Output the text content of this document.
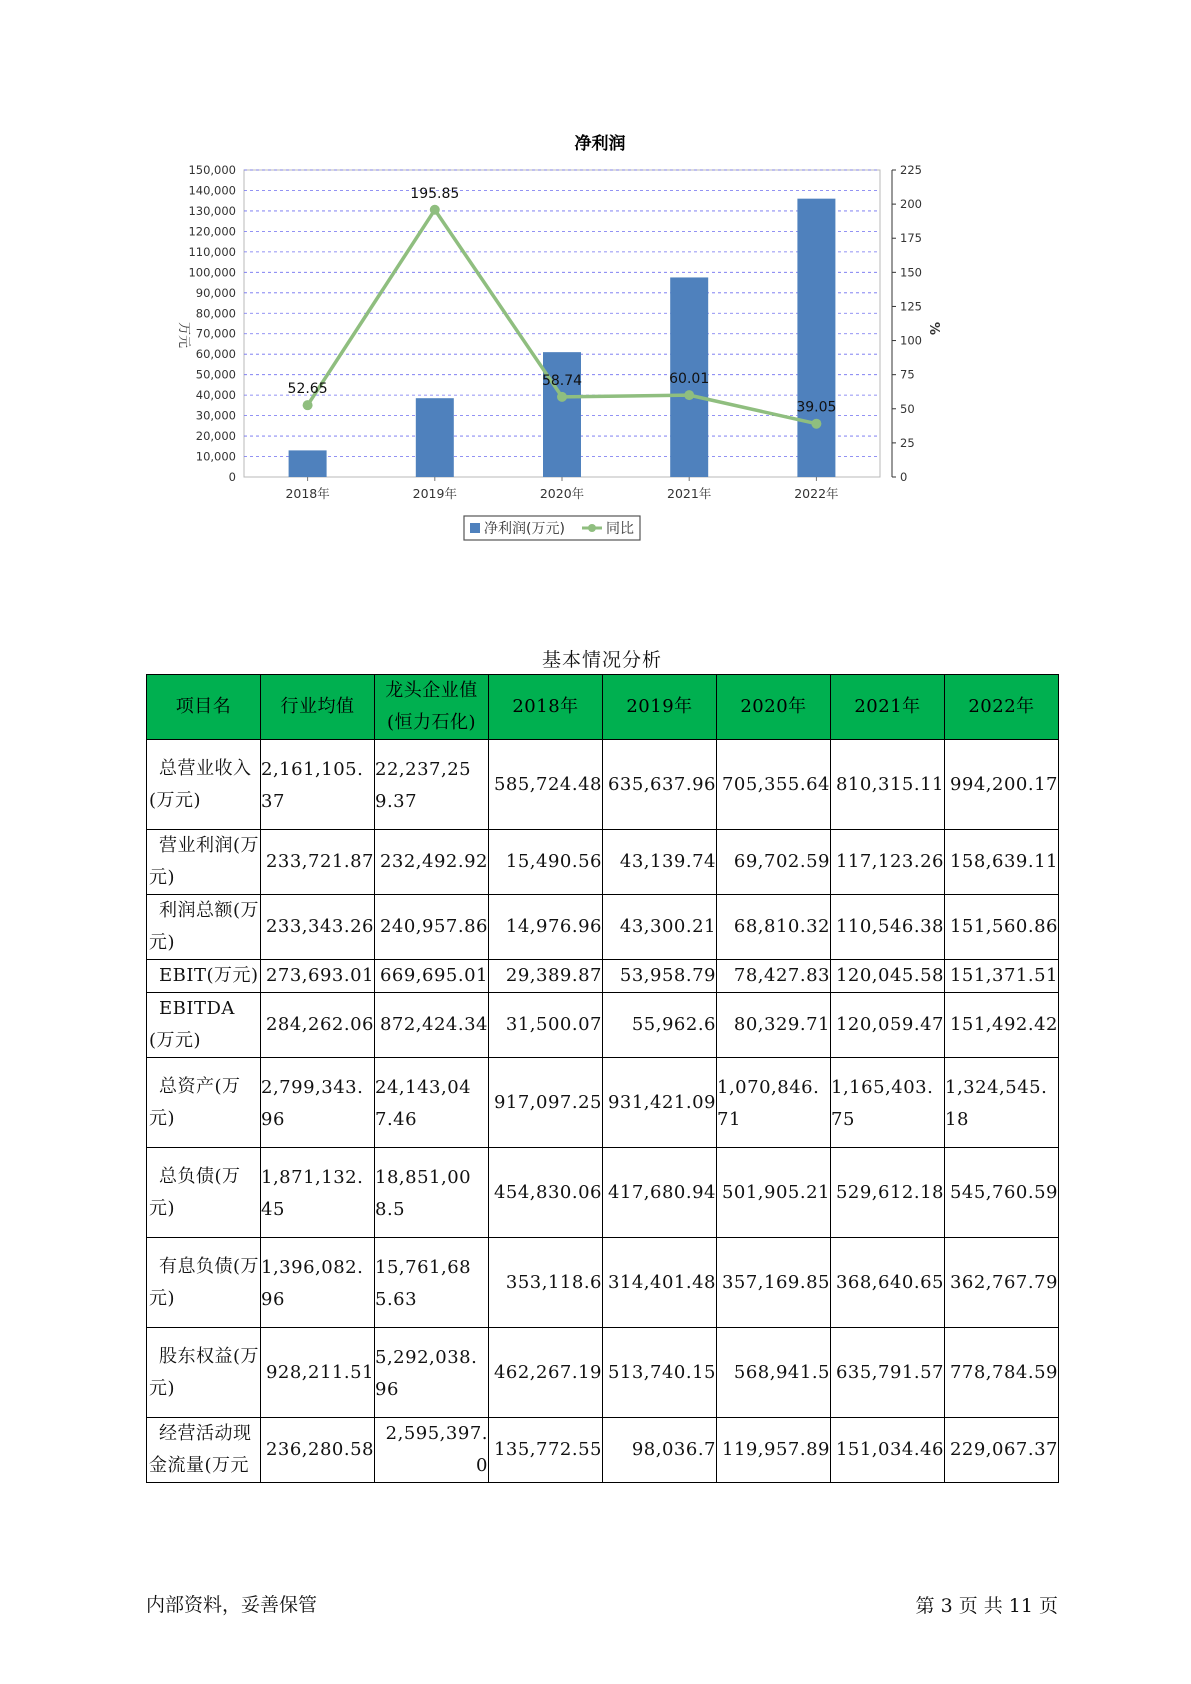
净利润
52.65
195.85
58.74	60.01
39.05
0
10,000
20,000
30,000
40,000
50,000
60,000
70,000
80,000
90,000
100,000
110,000
120,000
130,000
140,000
150,000
0
25
50
75
100
125
150
175
200
225
2018年	2019年	2020年	2021年	2022年
万元	%
净利润(万元)	同比
基本情况分析
项目名	行业均值	龙头企业值(恒力石化)	2018年	2019年	2020年	2021年	2022年
总营业收入(万元)	2,161,105.37	22,237,259.37	585,724.48	635,637.96	705,355.64	810,315.11	994,200.17
营业利润(万元)	233,721.87	232,492.92	15,490.56	43,139.74	69,702.59	117,123.26	158,639.11
利润总额(万元)	233,343.26	240,957.86	14,976.96	43,300.21	68,810.32	110,546.38	151,560.86
EBIT(万元)	273,693.01	669,695.01	29,389.87	53,958.79	78,427.83	120,045.58	151,371.51
EBITDA(万元)	284,262.06	872,424.34	31,500.07	55,962.6	80,329.71	120,059.47	151,492.42
总资产(万元)	2,799,343.96	24,143,047.46	917,097.25	931,421.09	1,070,846.71	1,165,403.75	1,324,545.18
总负债(万元)	1,871,132.45	18,851,008.5	454,830.06	417,680.94	501,905.21	529,612.18	545,760.59
有息负债(万元)	1,396,082.96	15,761,685.63	353,118.6	314,401.48	357,169.85	368,640.65	362,767.79
股东权益(万元)	928,211.51	5,292,038.96	462,267.19	513,740.15	568,941.5	635,791.57	778,784.59
经营活动现金流量(万元	236,280.58	2,595,397.0	135,772.55	98,036.7	119,957.89	151,034.46	229,067.37
内部资料，妥善保管	第 3 页 共 11 页
